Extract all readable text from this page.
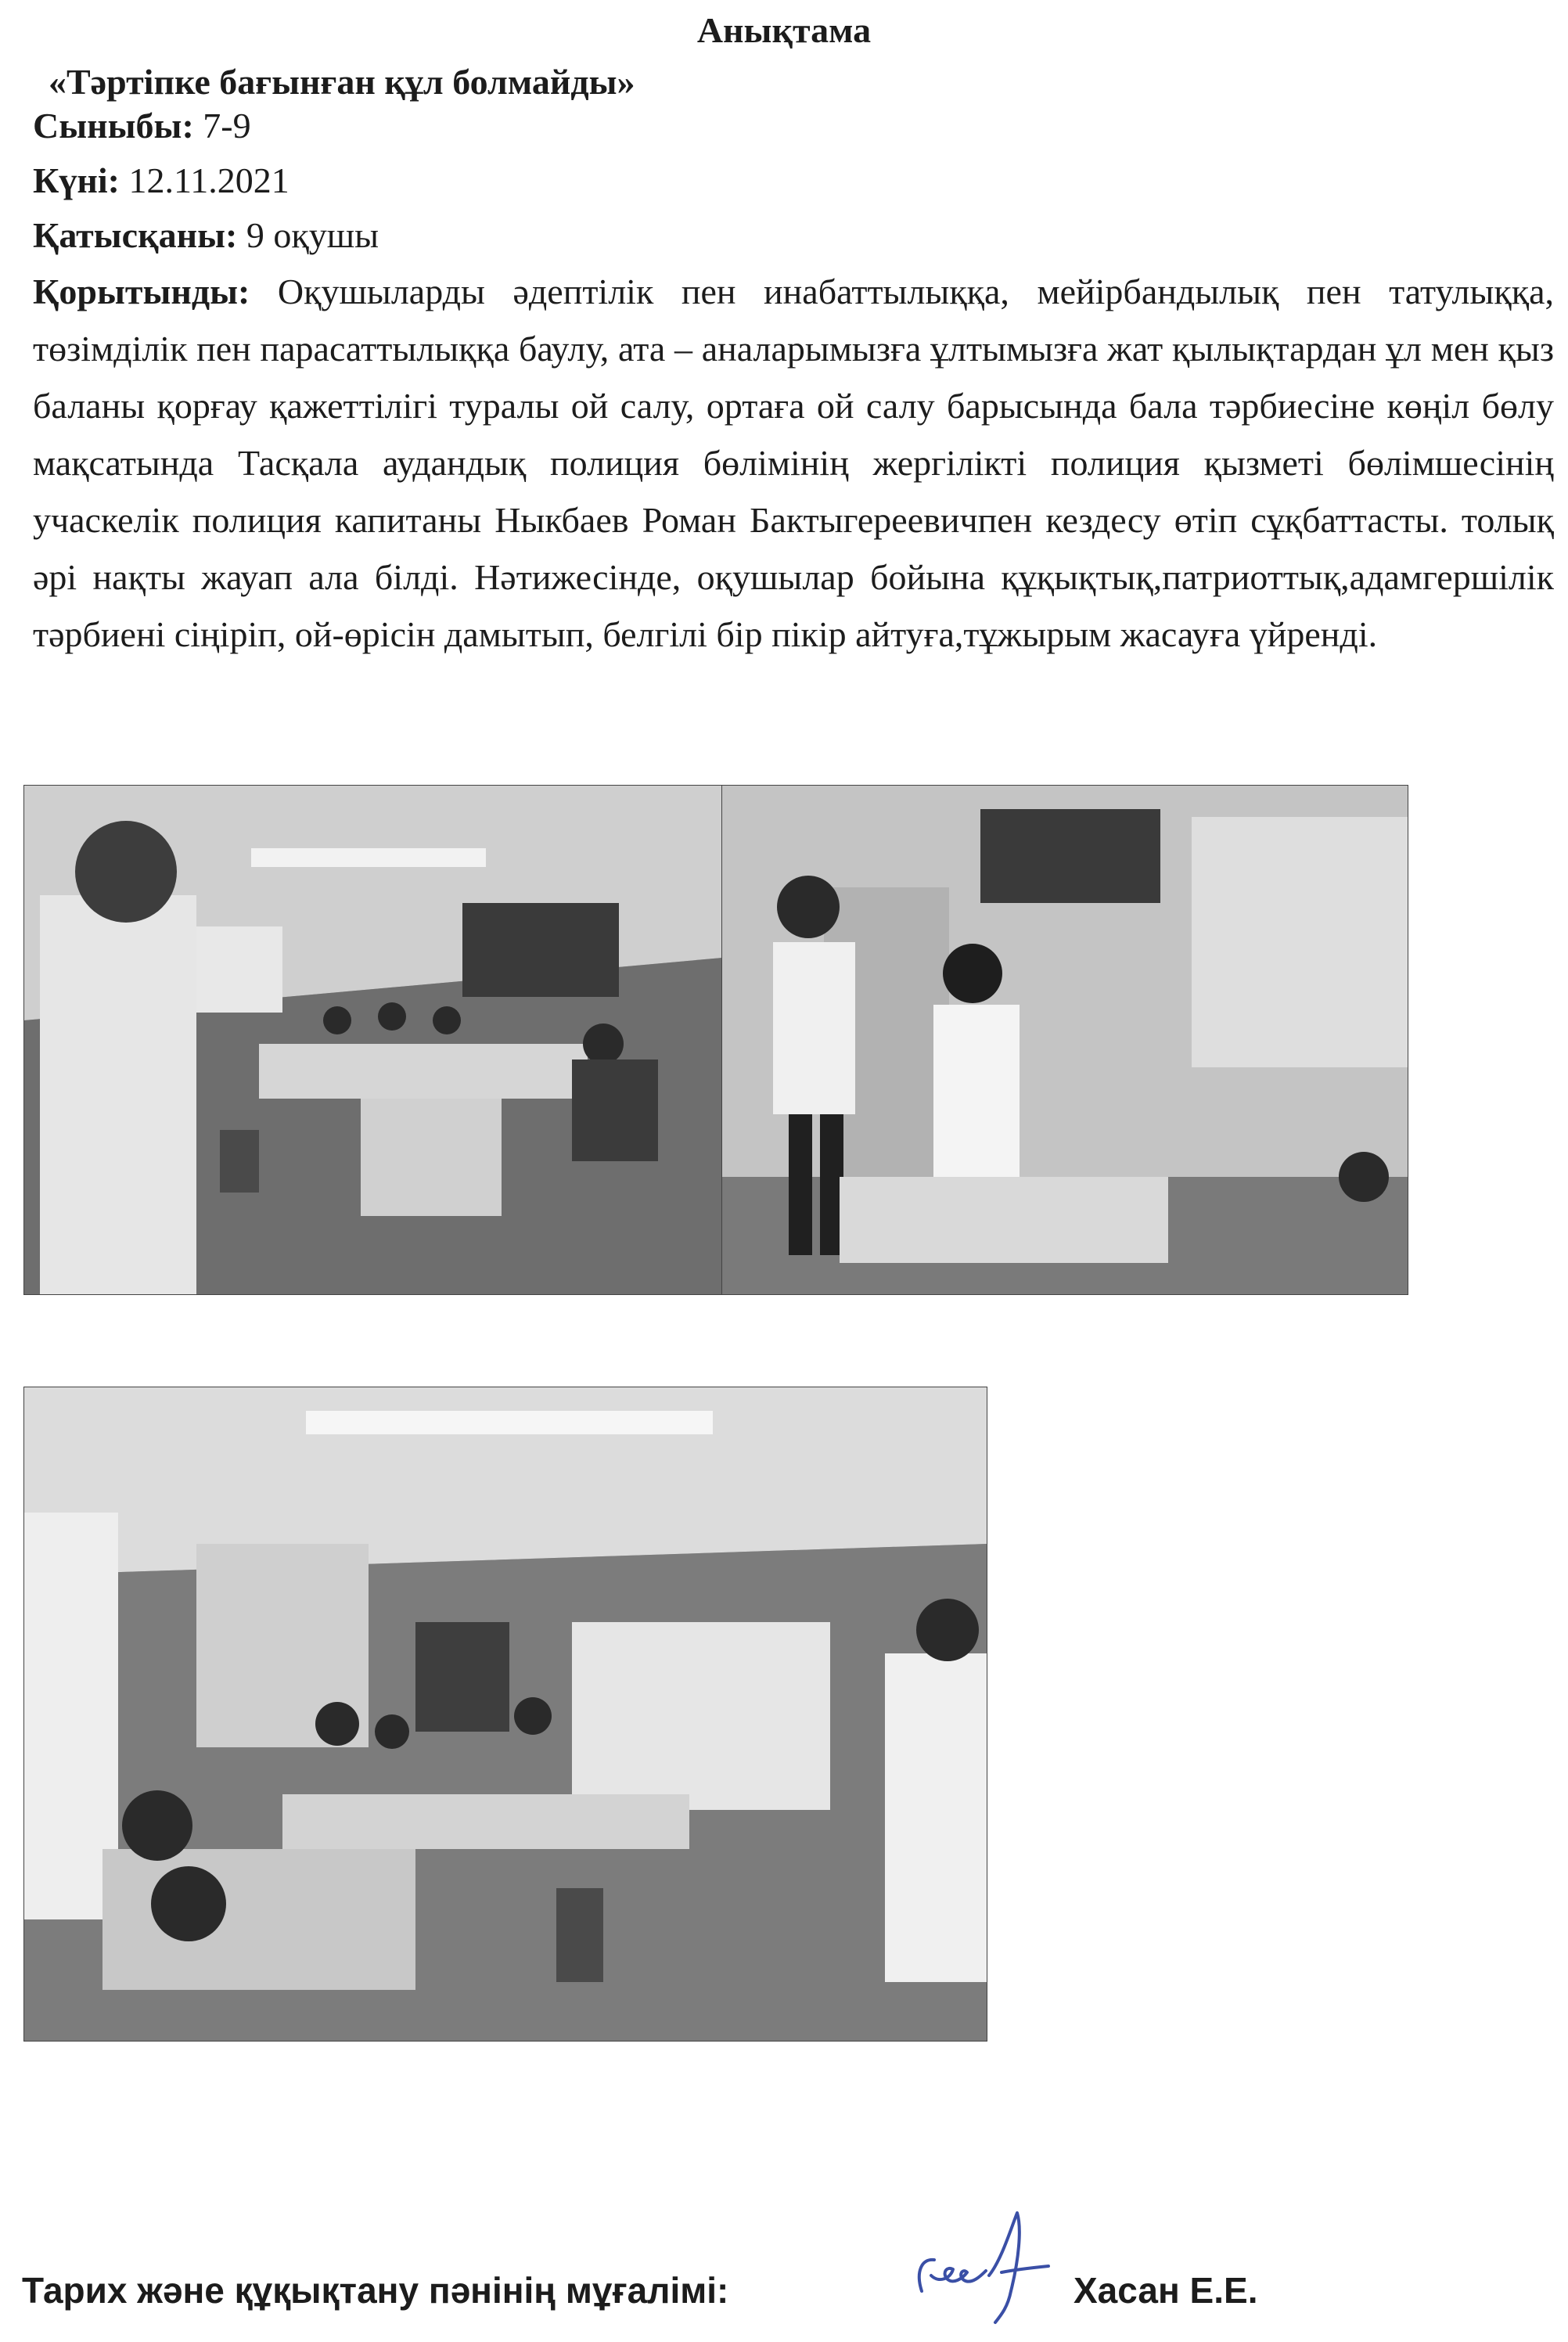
Анықтама
«Тәртіпке бағынған құл болмайды»
Сыныбы: 7-9
Күні: 12.11.2021
Қатысқаны: 9 оқушы

Қорытынды: Оқушыларды әдептілік пен инабаттылыққа, мейірбандылық пен татулыққа, төзімділік пен парасаттылыққа баулу, ата – аналарымызға ұлтымызға жат қылықтардан ұл мен қыз баланы қорғау қажеттілігі туралы ой салу, ортаға ой салу барысында бала тәрбиесіне көңіл бөлу мақсатында Тасқала аудандық полиция бөлімінің жергілікті полиция қызметі бөлімшесінің учаскелік полиция капитаны Ныкбаев Роман Бактыгереевичпен кездесу өтіп сұқбаттасты. толық әрі нақты жауап ала білді. Нәтижесінде, оқушылар бойына құқықтық,патриоттық,адамгершілік тәрбиені сіңіріп, ой-өрісін дамытып, белгілі бір пікір айтуға,тұжырым жасауға үйренді.

Тарих және құқықтану пәнінің мұғалімі:	Хасан Е.Е.
